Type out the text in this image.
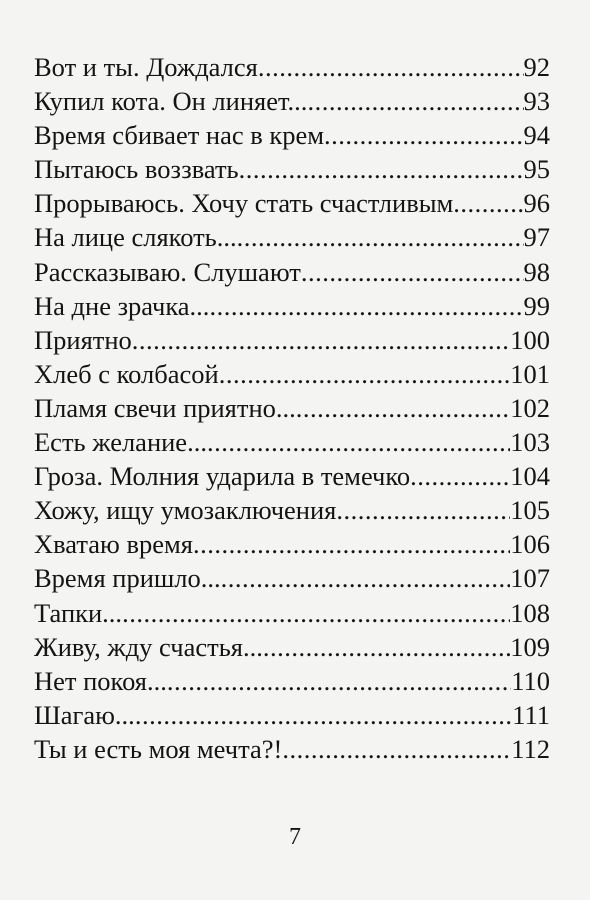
Вот и ты. Дождался .....	92
Купил кота. Он линяет... .....	93
Время сбивает нас в крем .....	94
Пытаюсь воззвать .....	95
Прорываюсь. Хочу стать счастливым .....	96
На лице слякоть... .....	97
Рассказываю. Слушают .....	98
На дне зрачка... .....	99
Приятно .....	100
Хлеб с колбасой .....	101
Пламя свечи приятно... .....	102
Есть желание... .....	103
Гроза. Молния ударила в темечко .....	104
Хожу, ищу умозаключения .....	105
Хватаю время .....	106
Время пришло... .....	107
Тапки... .....	108
Живу, жду счастья... .....	109
Нет покоя... .....	110
Шагаю... .....	111
Ты и есть моя мечта?! .....	112
7
